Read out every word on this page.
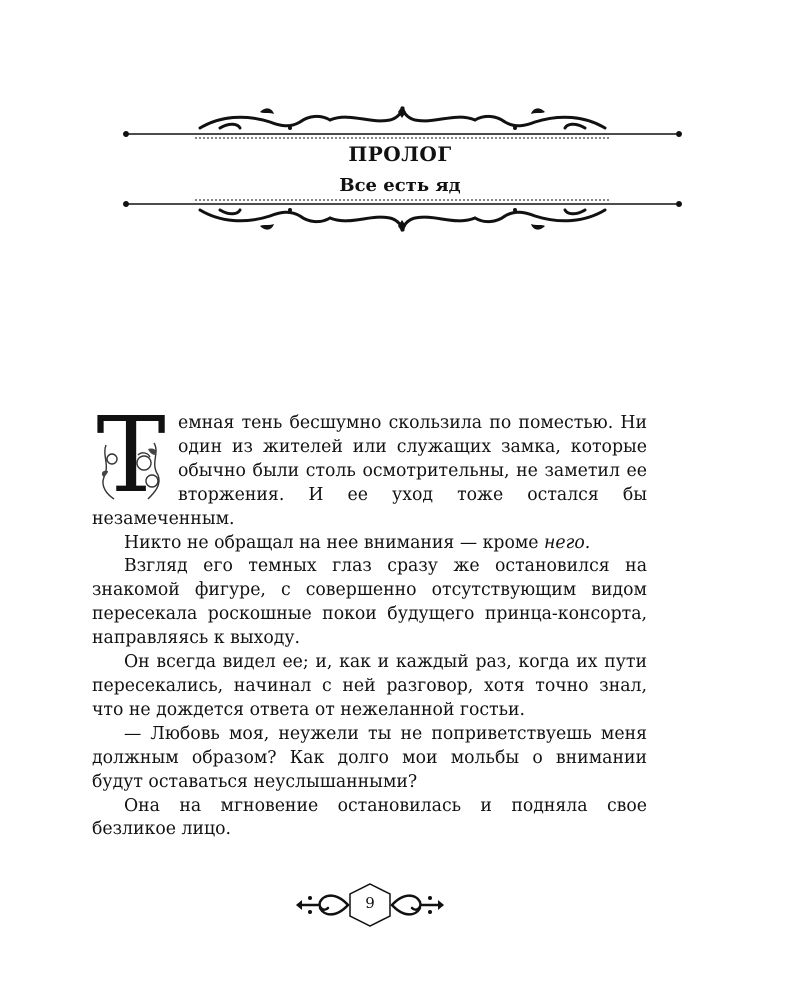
ПРОЛОГ
Все есть яд
Т емная тень бесшумно скользила по поместью. Ни один из жителей или служащих замка, которые обычно были столь осмотрительны, не заметил ее вторжения. И ее уход тоже остался бы незамеченным.

Никто не обращал на нее внимания — кроме него.

Взгляд его темных глаз сразу же остановился на знакомой фигуре, с совершенно отсутствующим видом пересекала роскошные покои будущего принца-консорта, направляясь к выходу.

Он всегда видел ее; и, как и каждый раз, когда их пути пересекались, начинал с ней разговор, хотя точно знал, что не дождется ответа от нежеланной гостьи.

— Любовь моя, неужели ты не поприветствуешь меня должным образом? Как долго мои мольбы о внимании будут оставаться неуслышанными?

Она на мгновение остановилась и подняла свое безликое лицо.

9
